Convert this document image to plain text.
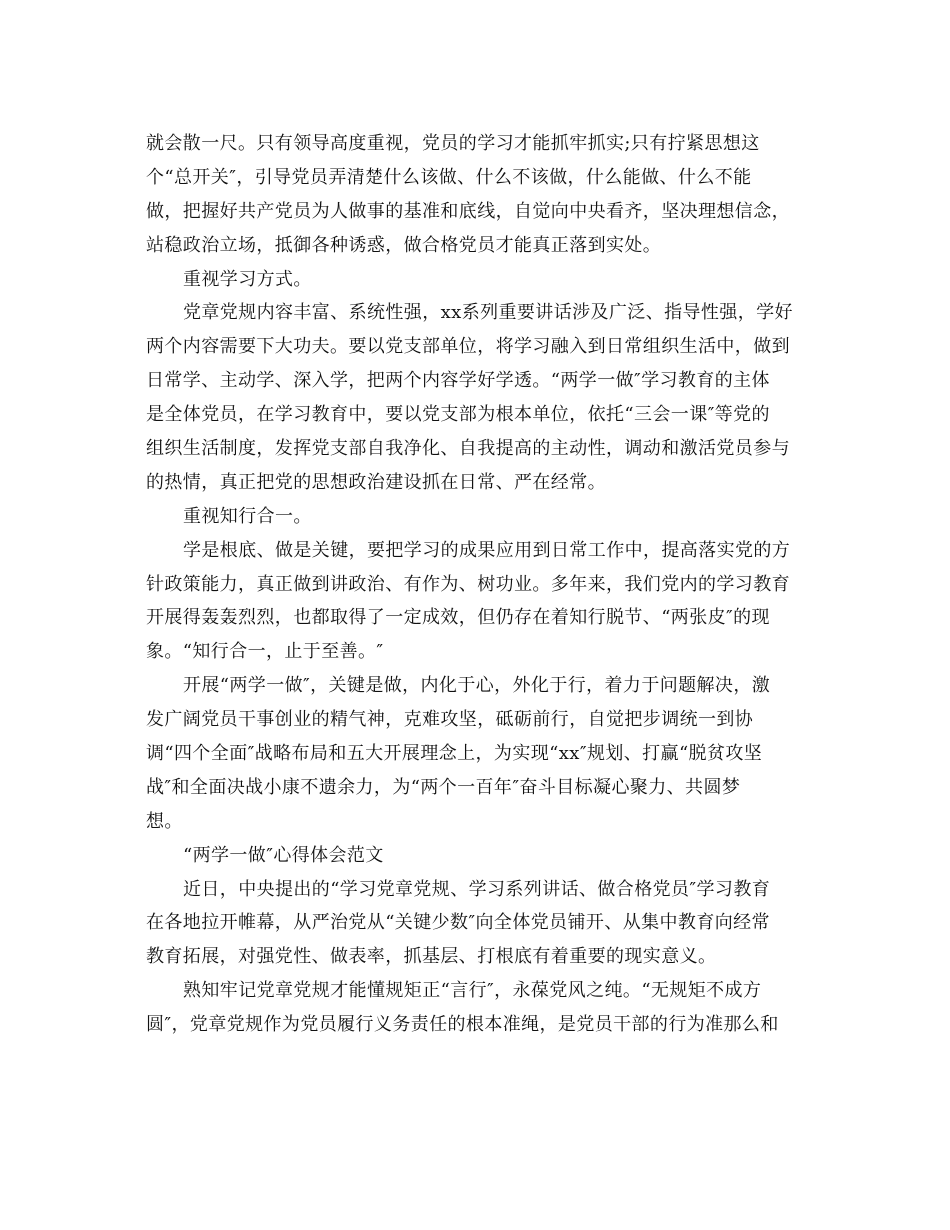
就会散一尺。只有领导高度重视，党员的学习才能抓牢抓实;只有拧紧思想这
个“总开关″，引导党员弄清楚什么该做、什么不该做，什么能做、什么不能
做，把握好共产党员为人做事的基准和底线，自觉向中央看齐，坚决理想信念，
站稳政治立场，抵御各种诱惑，做合格党员才能真正落到实处。
重视学习方式。
党章党规内容丰富、系统性强，xx系列重要讲话涉及广泛、指导性强，学好
两个内容需要下大功夫。要以党支部单位，将学习融入到日常组织生活中，做到
日常学、主动学、深入学，把两个内容学好学透。“两学一做″学习教育的主体
是全体党员，在学习教育中，要以党支部为根本单位，依托“三会一课″等党的
组织生活制度，发挥党支部自我净化、自我提高的主动性，调动和激活党员参与
的热情，真正把党的思想政治建设抓在日常、严在经常。
重视知行合一。
学是根底、做是关键，要把学习的成果应用到日常工作中，提高落实党的方
针政策能力，真正做到讲政治、有作为、树功业。多年来，我们党内的学习教育
开展得轰轰烈烈，也都取得了一定成效，但仍存在着知行脱节、“两张皮″的现
象。“知行合一，止于至善。″
开展“两学一做″，关键是做，内化于心，外化于行，着力于问题解决，激
发广阔党员干事创业的精气神，克难攻坚，砥砺前行，自觉把步调统一到协
调“四个全面″战略布局和五大开展理念上，为实现“xx″规划、打赢“脱贫攻坚
战″和全面决战小康不遗余力，为“两个一百年″奋斗目标凝心聚力、共圆梦
想。
“两学一做″心得体会范文
近日，中央提出的“学习党章党规、学习系列讲话、做合格党员″学习教育
在各地拉开帷幕，从严治党从“关键少数″向全体党员铺开、从集中教育向经常
教育拓展，对强党性、做表率，抓基层、打根底有着重要的现实意义。
熟知牢记党章党规才能懂规矩正“言行″，永葆党风之纯。“无规矩不成方
圆″，党章党规作为党员履行义务责任的根本准绳，是党员干部的行为准那么和
